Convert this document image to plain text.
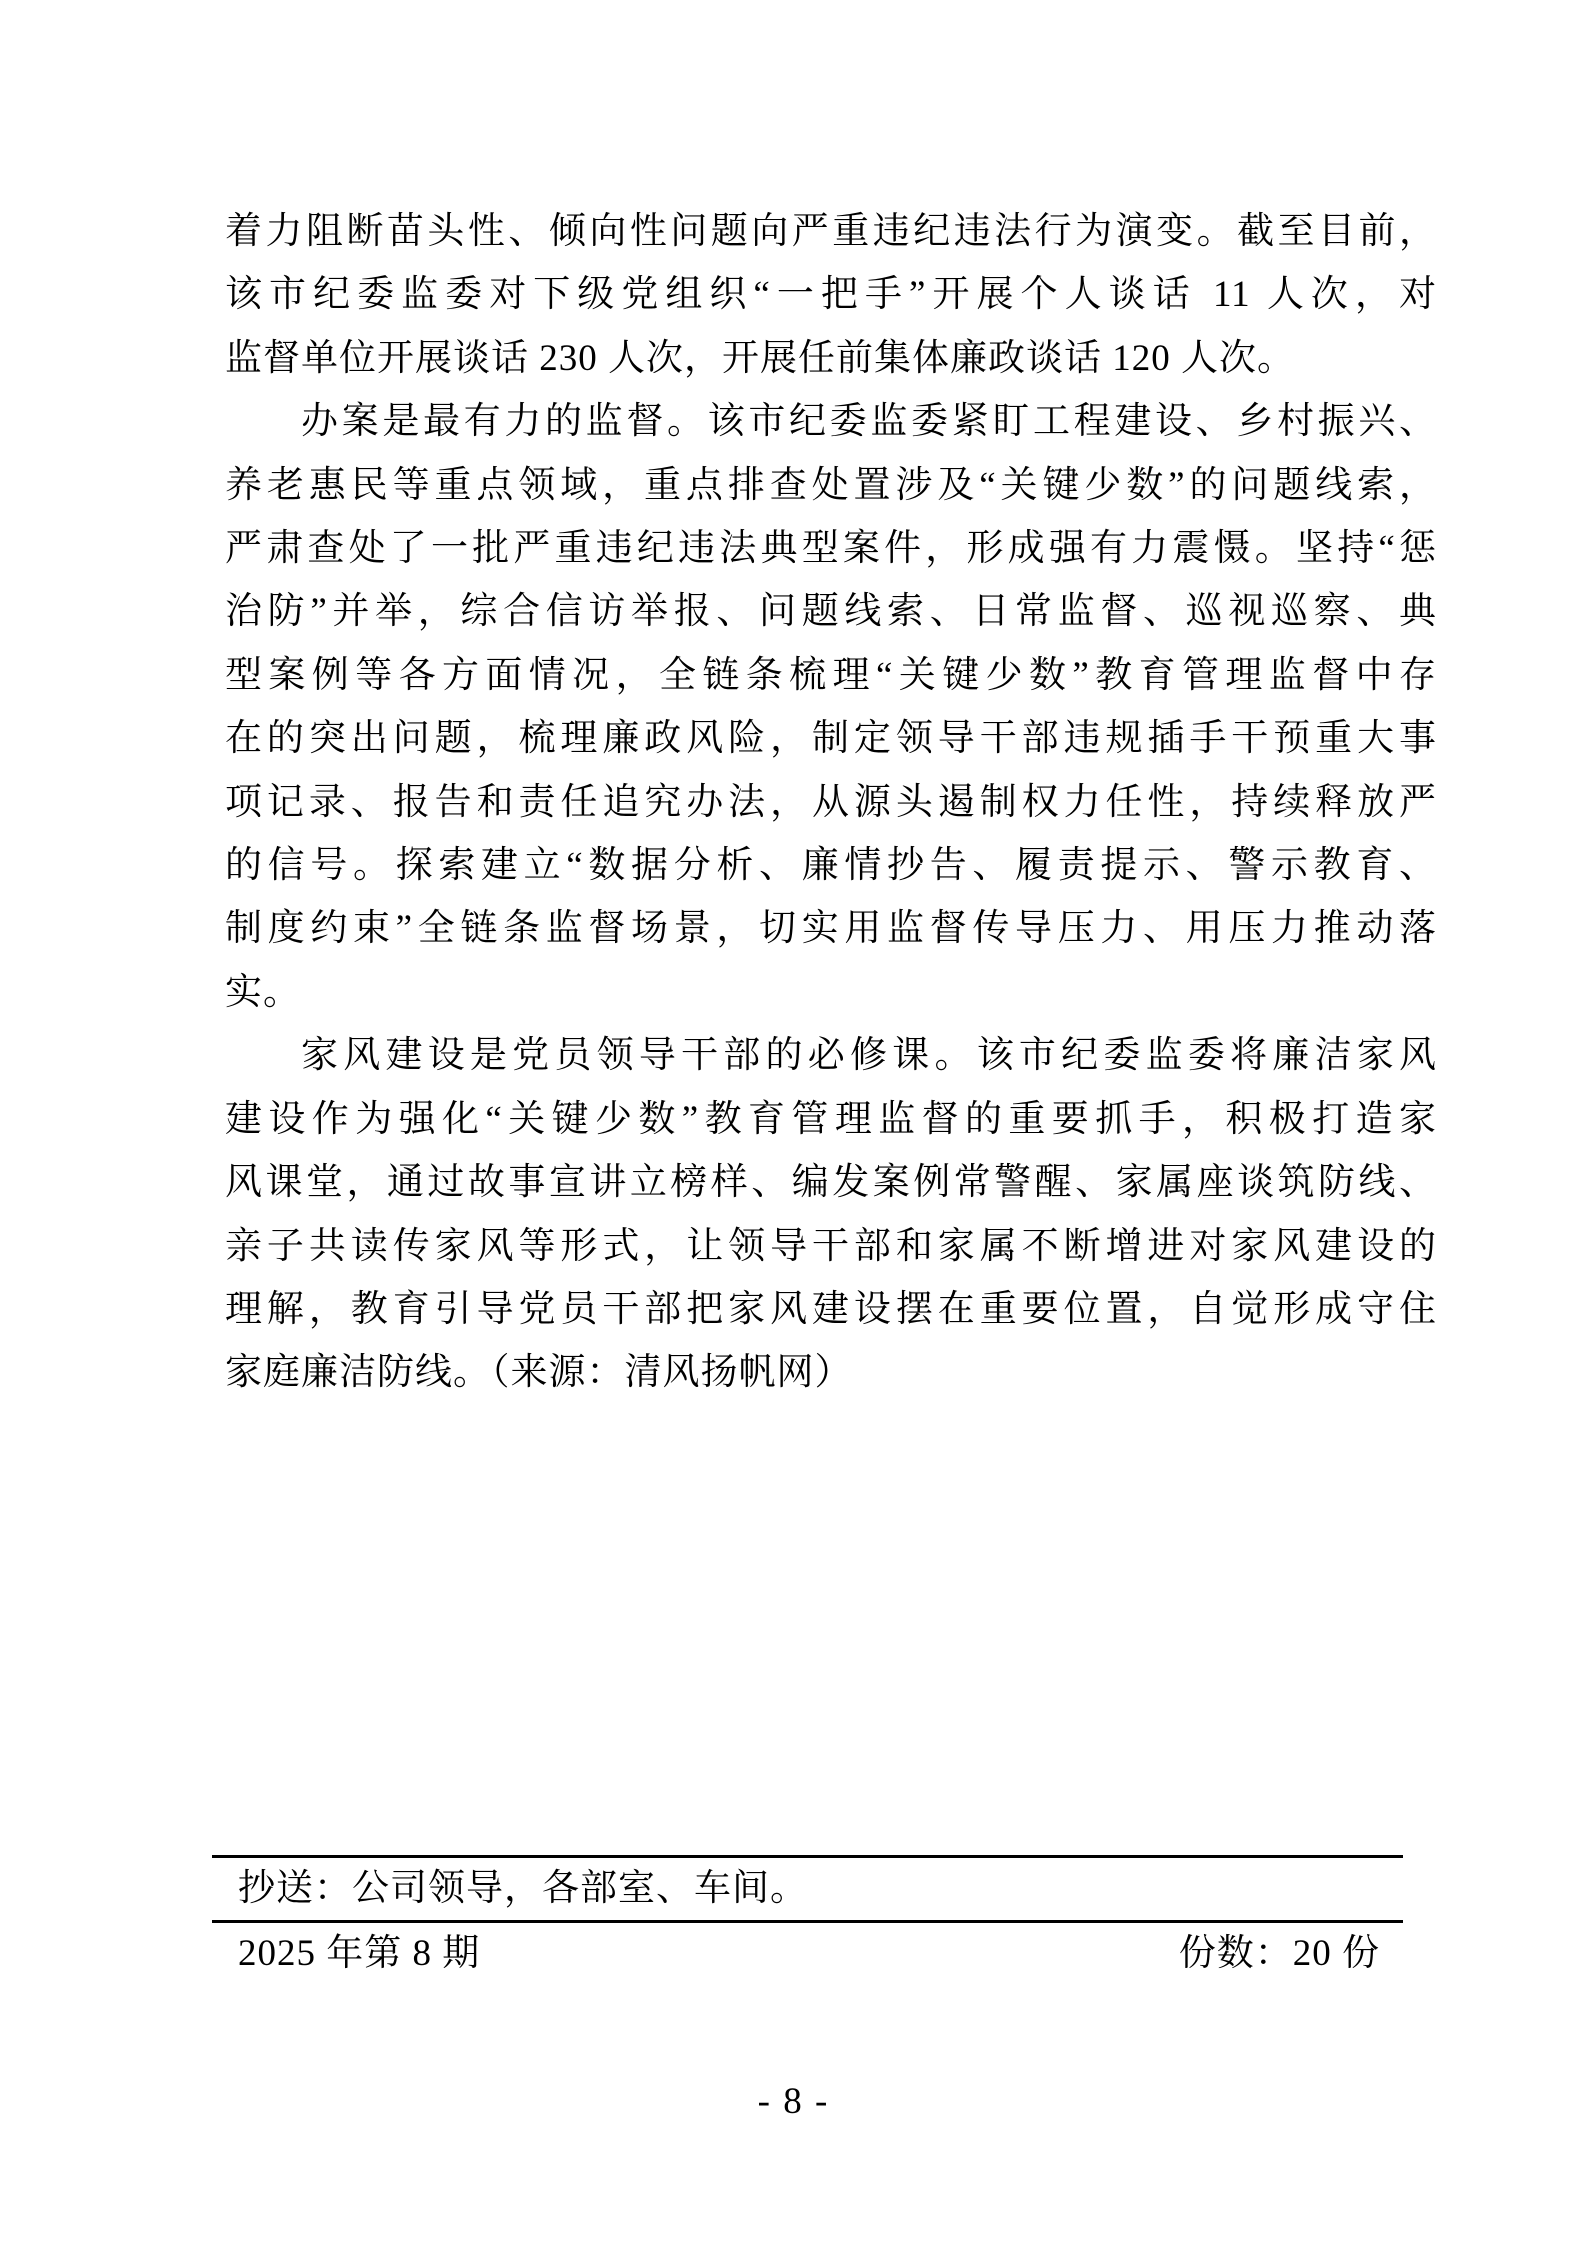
着力阻断苗头性、倾向性问题向严重违纪违法行为演变。截至目前，
该市纪委监委对下级党组织“一把手”开展个人谈话 11 人次，对
监督单位开展谈话 230 人次，开展任前集体廉政谈话 120 人次。
办案是最有力的监督。该市纪委监委紧盯工程建设、乡村振兴、
养老惠民等重点领域，重点排查处置涉及“关键少数”的问题线索，
严肃查处了一批严重违纪违法典型案件，形成强有力震慑。坚持“惩
治防”并举，综合信访举报、问题线索、日常监督、巡视巡察、典
型案例等各方面情况，全链条梳理“关键少数”教育管理监督中存
在的突出问题，梳理廉政风险，制定领导干部违规插手干预重大事
项记录、报告和责任追究办法，从源头遏制权力任性，持续释放严
的信号。探索建立“数据分析、廉情抄告、履责提示、警示教育、
制度约束”全链条监督场景，切实用监督传导压力、用压力推动落
实。
家风建设是党员领导干部的必修课。该市纪委监委将廉洁家风
建设作为强化“关键少数”教育管理监督的重要抓手，积极打造家
风课堂，通过故事宣讲立榜样、编发案例常警醒、家属座谈筑防线、
亲子共读传家风等形式，让领导干部和家属不断增进对家风建设的
理解，教育引导党员干部把家风建设摆在重要位置，自觉形成守住
家庭廉洁防线。（来源：清风扬帆网）
抄送：公司领导，各部室、车间。
2025 年第 8 期	份数：20 份
- 8 -
